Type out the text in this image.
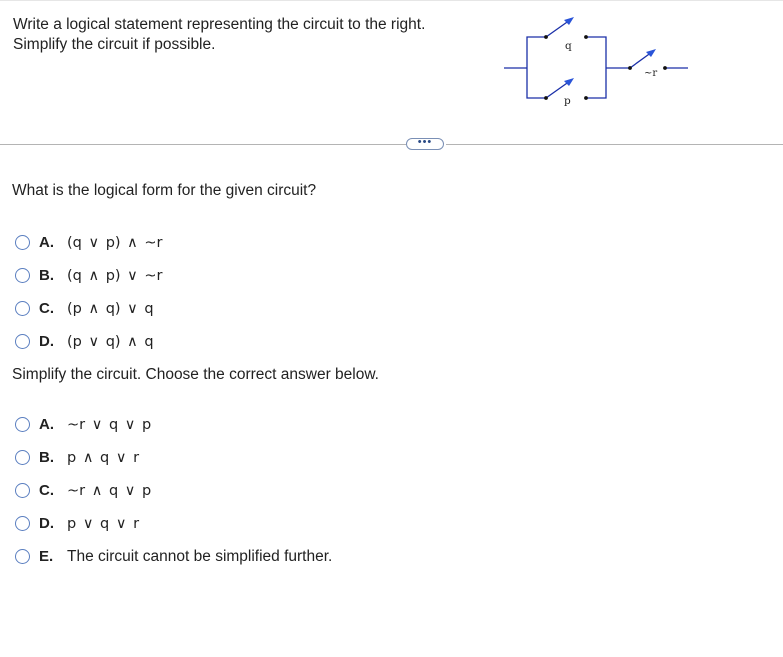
Write a logical statement representing the circuit to the right.
Simplify the circuit if possible.	q
p
~r
•••
What is the logical form for the given circuit?
A. (q ∨ p) ∧ ~r
B. (q ∧ p) ∨ ~r
C. (p ∧ q) ∨ q
D. (p ∨ q) ∧ q
Simplify the circuit. Choose the correct answer below.
A. ~r ∨ q ∨ p
B. p ∧ q ∨ r
C. ~r ∧ q ∨ p
D. p ∨ q ∨ r
E. The circuit cannot be simplified further.
